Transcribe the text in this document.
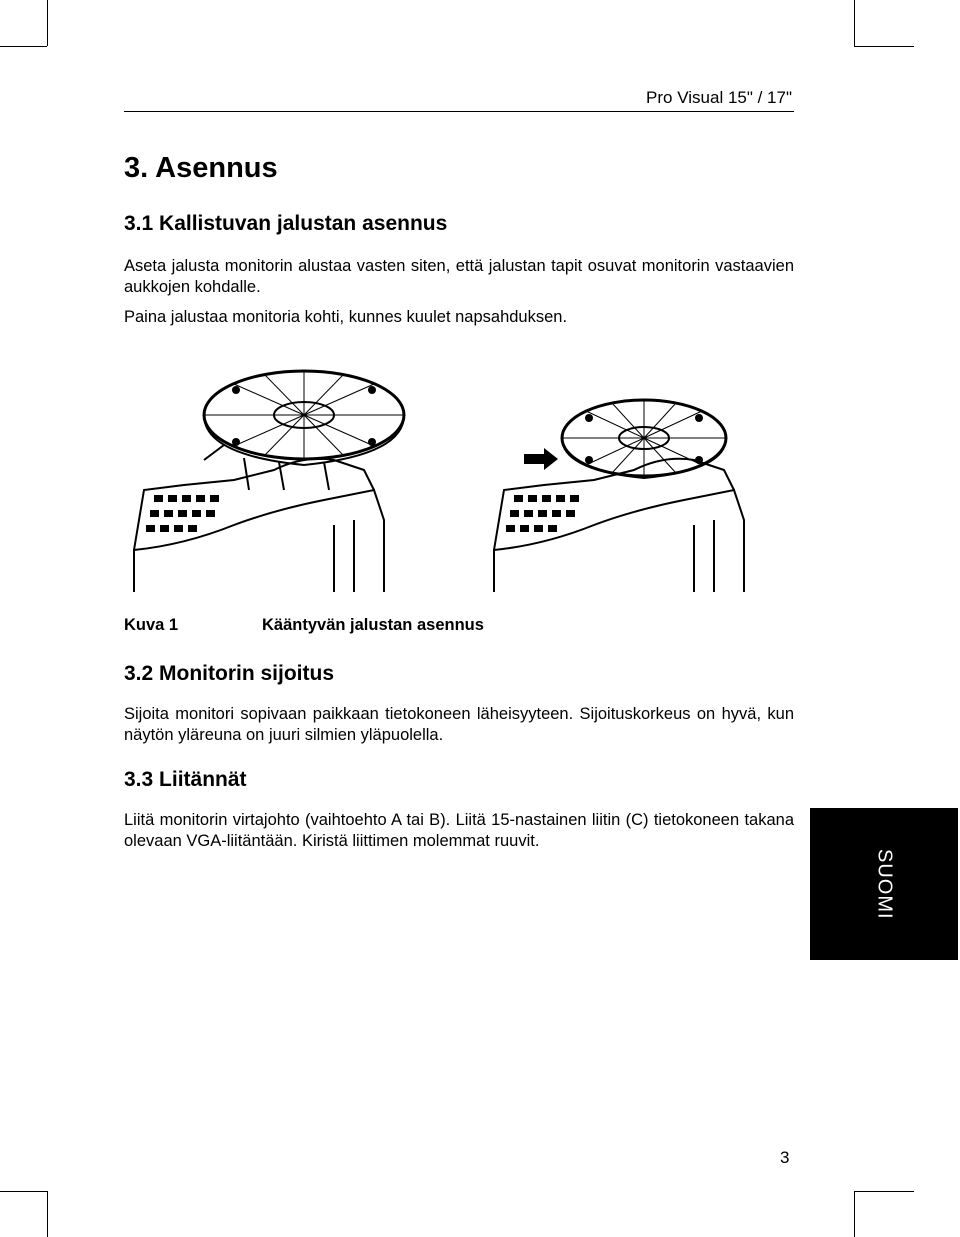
Pro Visual 15" / 17"
3. Asennus
3.1 Kallistuvan jalustan asennus

Aseta jalusta monitorin alustaa vasten siten, että jalustan tapit osuvat monitorin vastaavien aukkojen kohdalle.

Paina jalustaa monitoria kohti, kunnes kuulet napsahduksen.

Kuva 1	Kääntyvän jalustan asennus
3.2 Monitorin sijoitus

Sijoita monitori sopivaan paikkaan tietokoneen läheisyyteen. Sijoituskorkeus on hyvä, kun näytön yläreuna on juuri silmien yläpuolella.

3.3 Liitännät

Liitä monitorin virtajohto (vaihtoehto A tai B). Liitä 15-nastainen liitin (C) tietokoneen takana olevaan VGA-liitäntään. Kiristä liittimen molemmat ruuvit.

SUOMI
3
